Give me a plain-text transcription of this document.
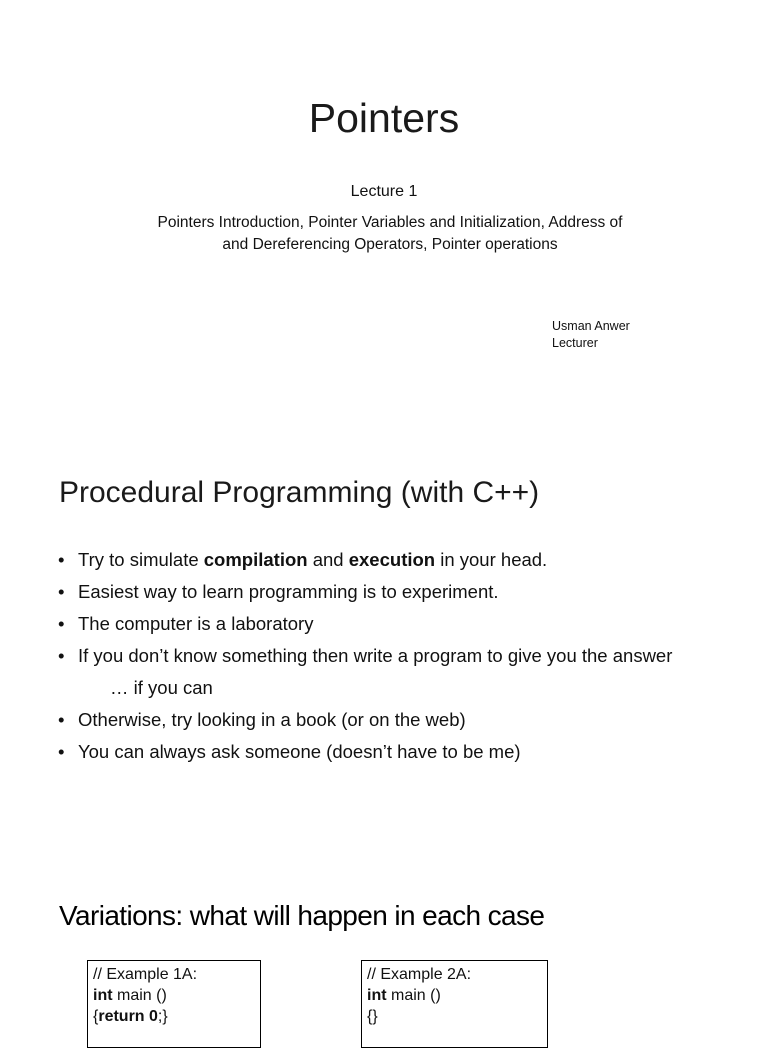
Pointers
Lecture 1
Pointers Introduction, Pointer Variables and Initialization, Address of
and Dereferencing Operators, Pointer operations
Usman Anwer
Lecturer
Procedural Programming (with C++)
• Try to simulate compilation and execution in your head.
• Easiest way to learn programming is to experiment.
• The computer is a laboratory
• If you don’t know something then write a program to give you the answer
… if you can
• Otherwise, try looking in a book (or on the web)
• You can always ask someone (doesn’t have to be me)
Variations: what will happen in each case
// Example 1A:
int main ()
{return 0;}
// Example 2A:
int main ()
{}
